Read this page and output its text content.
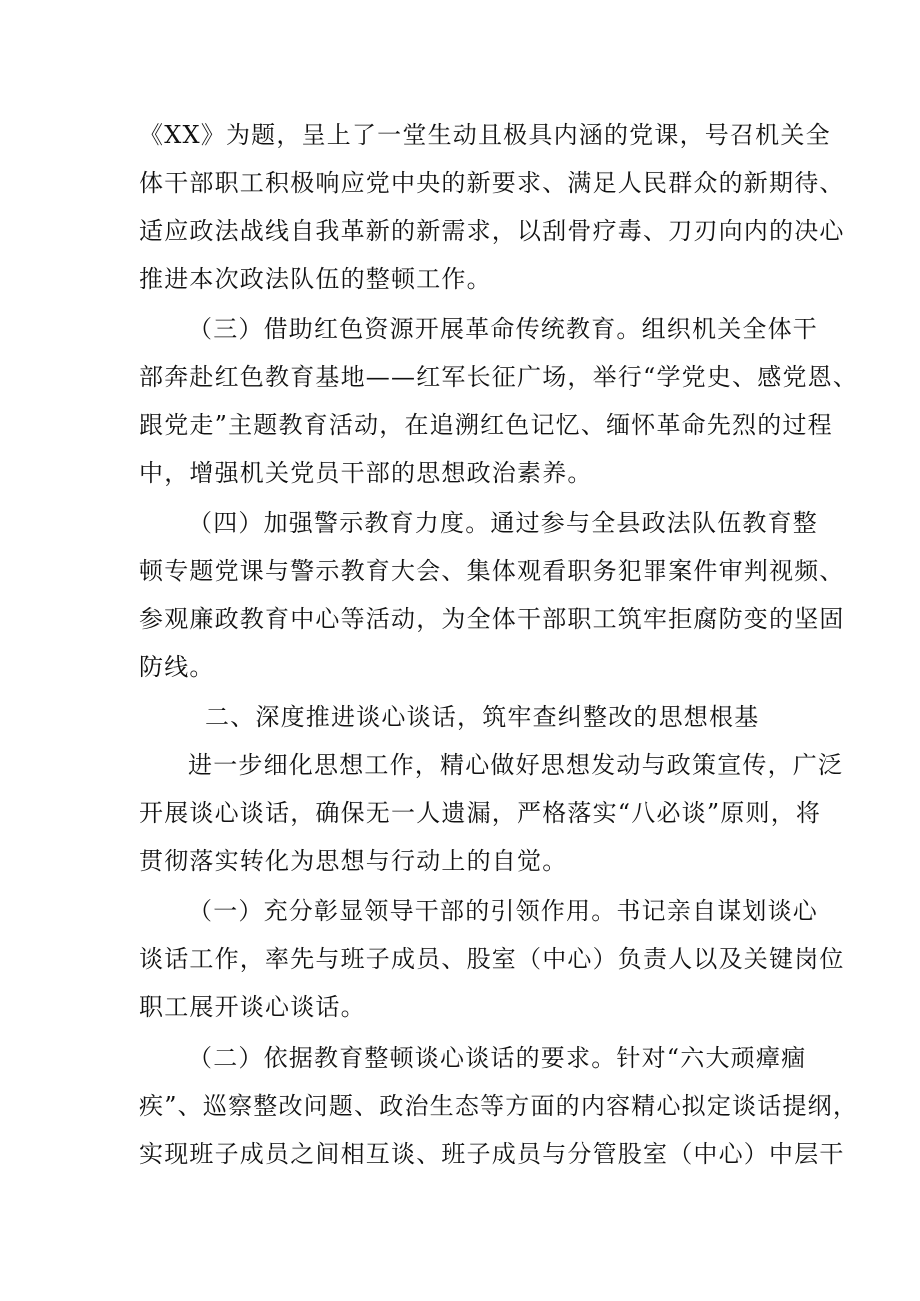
《XX》为题，呈上了一堂生动且极具内涵的党课，号召机关全
体干部职工积极响应党中央的新要求、满足人民群众的新期待、
适应政法战线自我革新的新需求，以刮骨疗毒、刀刃向内的决心
推进本次政法队伍的整顿工作。
（三）借助红色资源开展革命传统教育。组织机关全体干
部奔赴红色教育基地——红军长征广场，举行“学党史、感党恩、
跟党走”主题教育活动，在追溯红色记忆、缅怀革命先烈的过程
中，增强机关党员干部的思想政治素养。
（四）加强警示教育力度。通过参与全县政法队伍教育整
顿专题党课与警示教育大会、集体观看职务犯罪案件审判视频、
参观廉政教育中心等活动，为全体干部职工筑牢拒腐防变的坚固
防线。
二、深度推进谈心谈话，筑牢查纠整改的思想根基
进一步细化思想工作，精心做好思想发动与政策宣传，广泛
开展谈心谈话，确保无一人遗漏，严格落实“八必谈”原则，将
贯彻落实转化为思想与行动上的自觉。
（一）充分彰显领导干部的引领作用。书记亲自谋划谈心
谈话工作，率先与班子成员、股室（中心）负责人以及关键岗位
职工展开谈心谈话。
（二）依据教育整顿谈心谈话的要求。针对“六大顽瘴痼
疾”、巡察整改问题、政治生态等方面的内容精心拟定谈话提纲，
实现班子成员之间相互谈、班子成员与分管股室（中心）中层干
